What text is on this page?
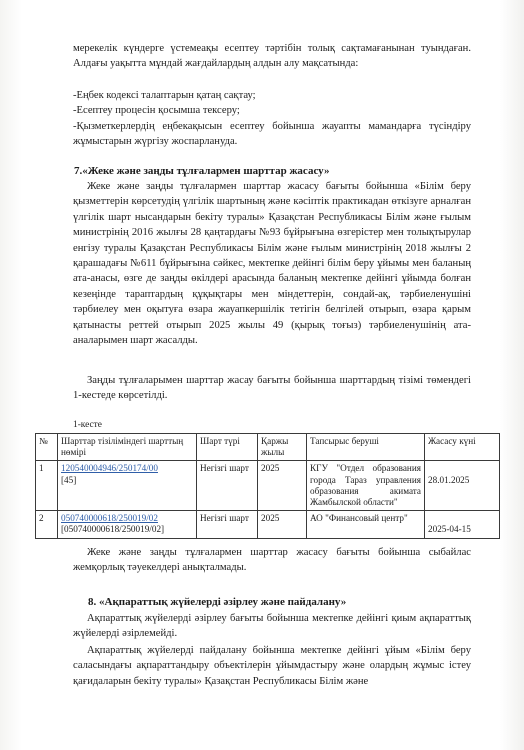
мерекелік күндерге үстемеақы есептеу тәртібін толық сақтамағанынан туындаған. Алдағы уақытта мұндай жағдайлардың алдын алу мақсатында:

-Еңбек кодексі талаптарын қатаң сақтау;

-Есептеу процесін қосымша тексеру;

-Қызметкерлердің еңбекақысын есептеу бойынша жауапты мамандарға түсіндіру жұмыстарын жүргізу жоспарлануда.

7.«Жеке және заңды тұлғалармен шарттар жасасу»

Жеке және заңды тұлғалармен шарттар жасасу бағыты бойынша «Білім беру қызметтерін көрсетудің үлгілік шартының және кәсіптік практикадан өткізуге арналған үлгілік шарт нысандарын бекіту туралы» Қазақстан Республикасы Білім және ғылым министрінің 2016 жылғы 28 қаңтардағы №93 бұйрығына өзгерістер мен толықтырулар енгізу туралы Қазақстан Республикасы Білім және ғылым министрінің 2018 жылғы 2 қарашадағы №611 бұйрығына сәйкес, мектепке дейінгі білім беру ұйымы мен баланың ата-анасы, өзге де заңды өкілдері арасында баланың мектепке дейінгі ұйымда болған кезеңінде тараптардың құқықтары мен міндеттерін, сондай-ақ, тәрбиеленушіні тәрбиелеу мен оқытуға өзара жауапкершілік тетігін белгілей отырып, өзара қарым қатынасты реттей отырып 2025 жылы 49 (қырық тоғыз) тәрбиеленушінің ата-аналарымен шарт жасалды.

Заңды тұлғаларымен шарттар жасау бағыты бойынша шарттардың тізімі төмендегі 1-кестеде көрсетілді.

1-кесте

№	Шарттар тізіліміндегі шарттың нөмірі	Шарт түрі	Қаржы жылы	Тапсырыс беруші	Жасасу күні
1	120540004946/250174/00
[45]	Негізгі шарт	2025	КГУ "Отдел образования города Тараз управления образования акимата Жамбылской области"	28.01.2025
2	050740000618/250019/02
[050740000618/250019/02]	Негізгі шарт	2025	АО "Финансовый центр"	2025-04-15

Жеке және заңды тұлғалармен шарттар жасасу бағыты бойынша сыбайлас жемқорлық тәуекелдері анықталмады.

8. «Ақпараттық жүйелерді әзірлеу және пайдалану»

Ақпараттық жүйелерді әзірлеу бағыты бойынша мектепке дейінгі қиым ақпараттық жүйелерді әзірлемейді.

Ақпараттық жүйелерді пайдалану бойынша мектепке дейінгі ұйым «Білім беру саласындағы ақпараттандыру объектілерін ұйымдастыру және олардың жұмыс істеу қағидаларын бекіту туралы» Қазақстан Республикасы Білім және
